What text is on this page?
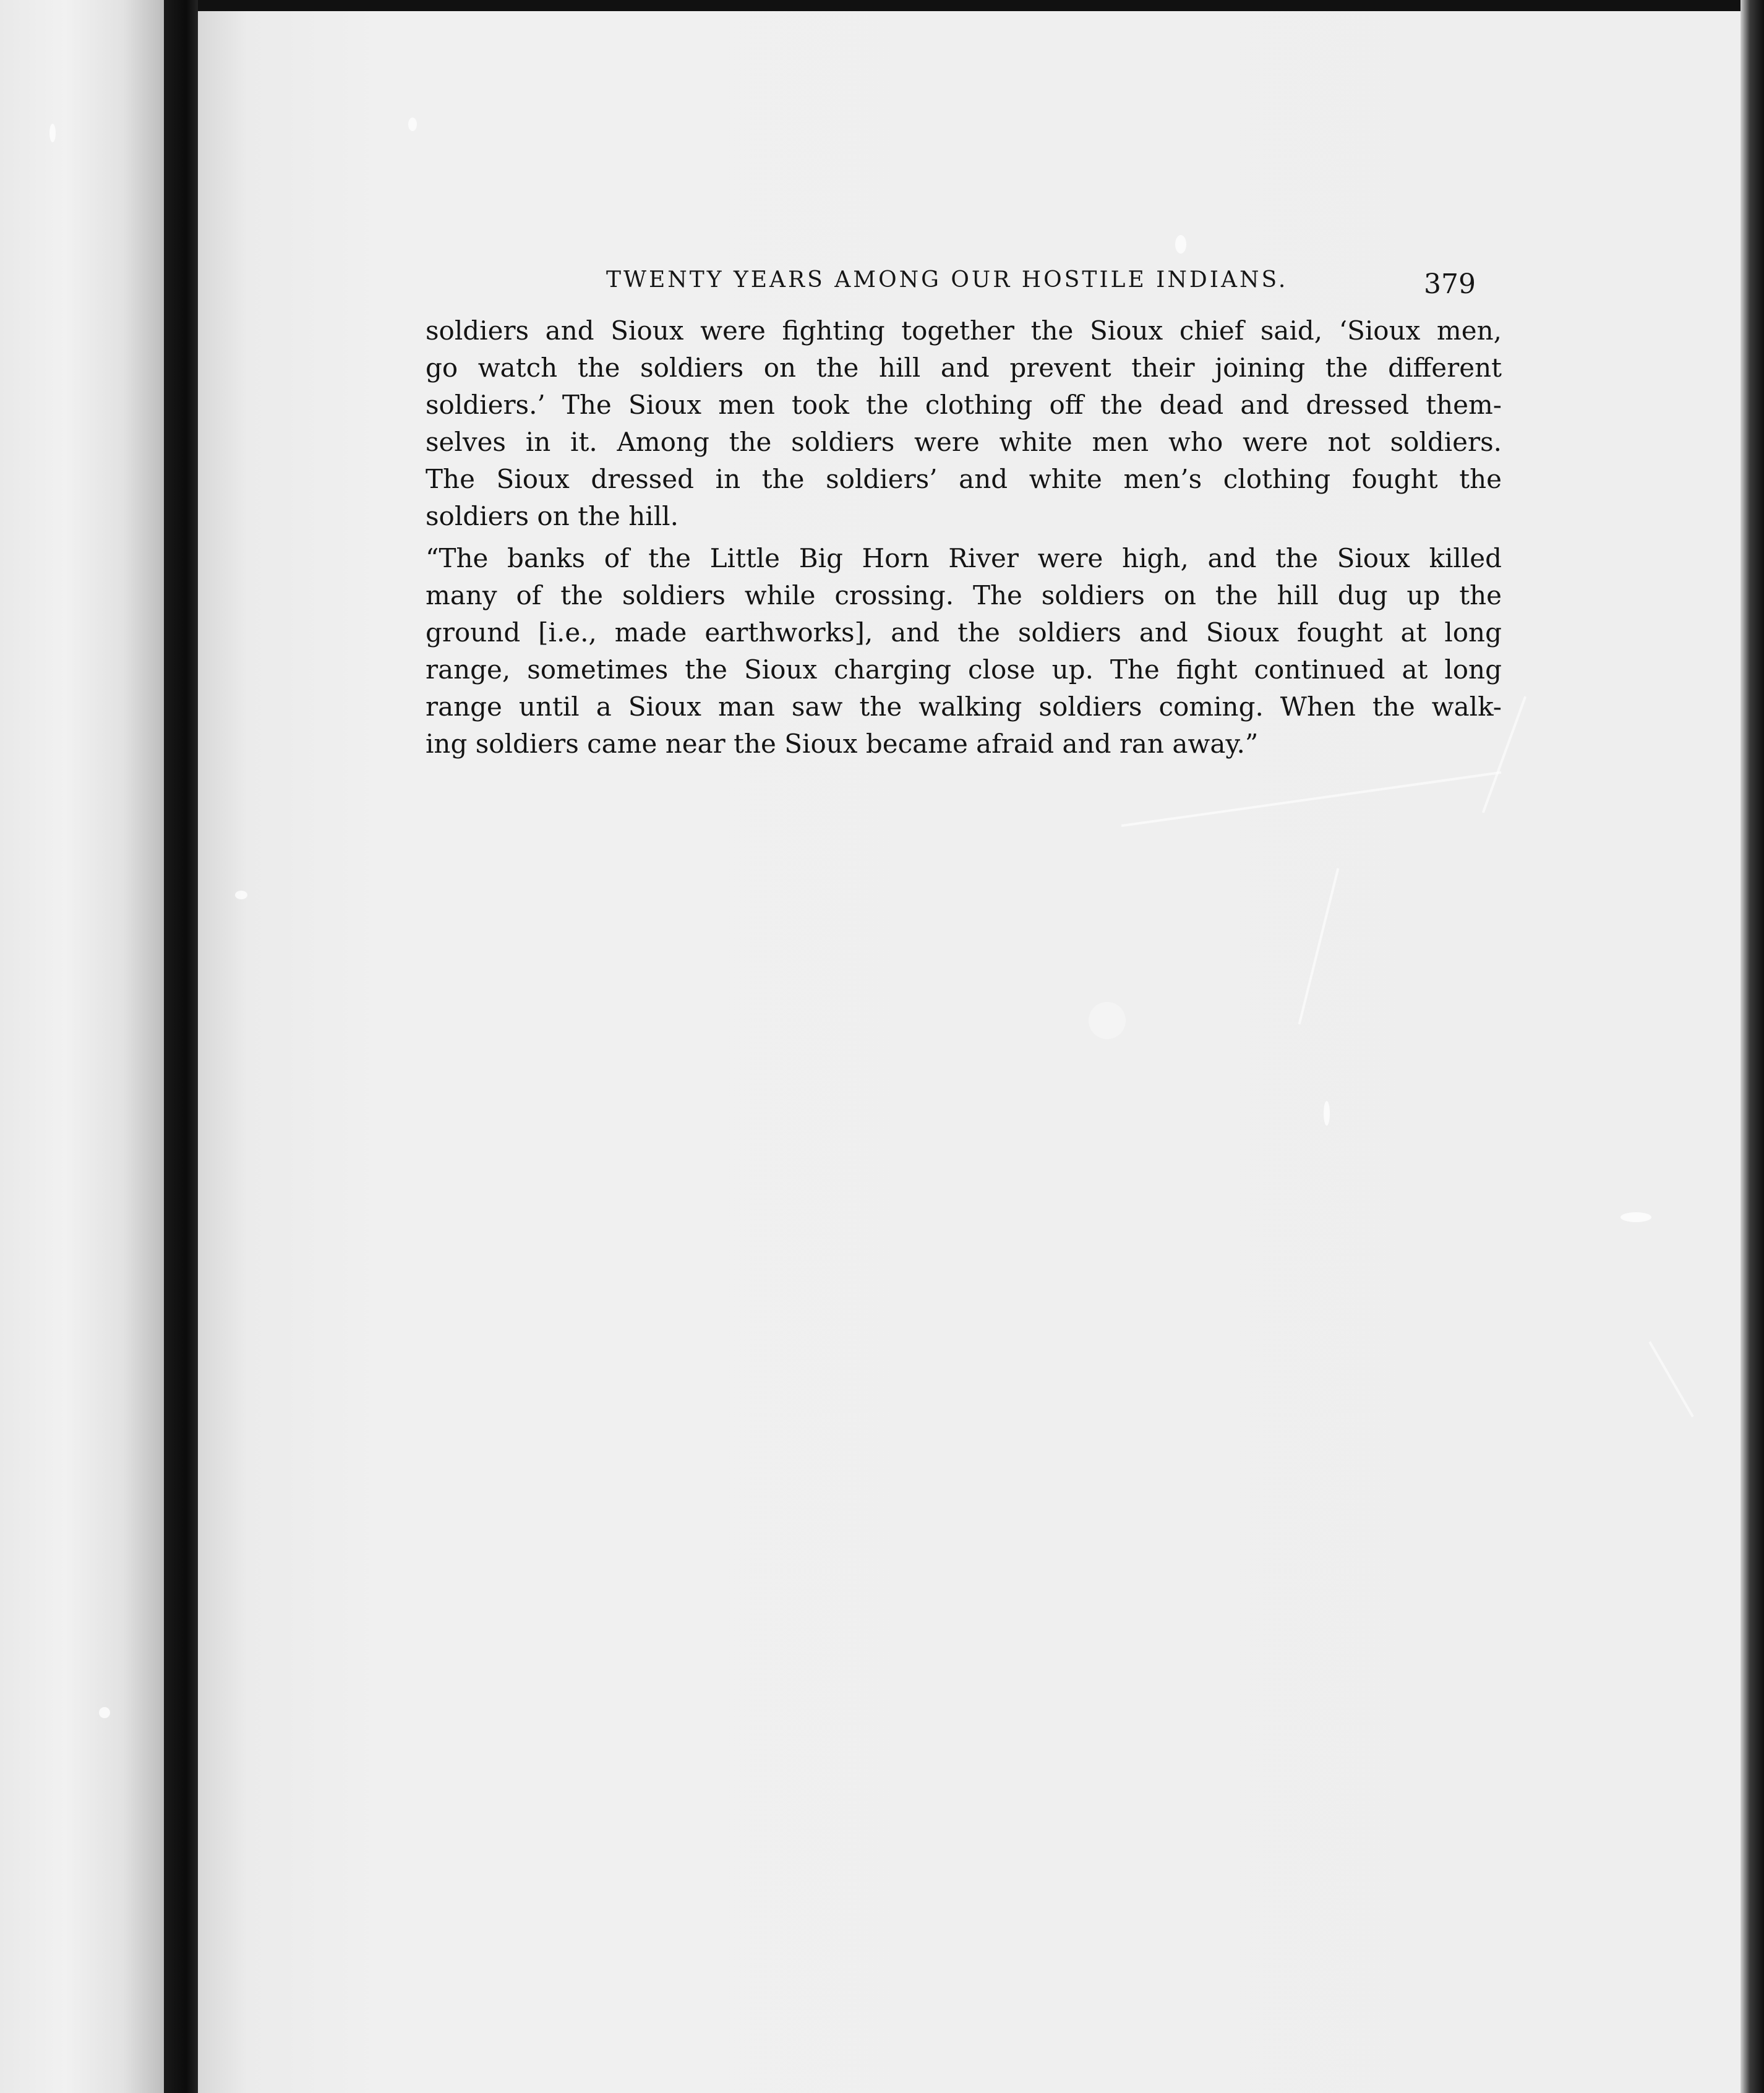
TWENTY YEARS AMONG OUR HOSTILE INDIANS.	379

soldiers and Sioux were fighting together the Sioux chief said, ‘Sioux men,
go watch the soldiers on the hill and prevent their joining the different
soldiers.’ The Sioux men took the clothing off the dead and dressed them-
selves in it. Among the soldiers were white men who were not soldiers.
The Sioux dressed in the soldiers’ and white men’s clothing fought the
soldiers on the hill.

“The banks of the Little Big Horn River were high, and the Sioux killed
many of the soldiers while crossing. The soldiers on the hill dug up the
ground [i.e., made earthworks], and the soldiers and Sioux fought at long
range, sometimes the Sioux charging close up. The fight continued at long
range until a Sioux man saw the walking soldiers coming. When the walk-
ing soldiers came near the Sioux became afraid and ran away.”
